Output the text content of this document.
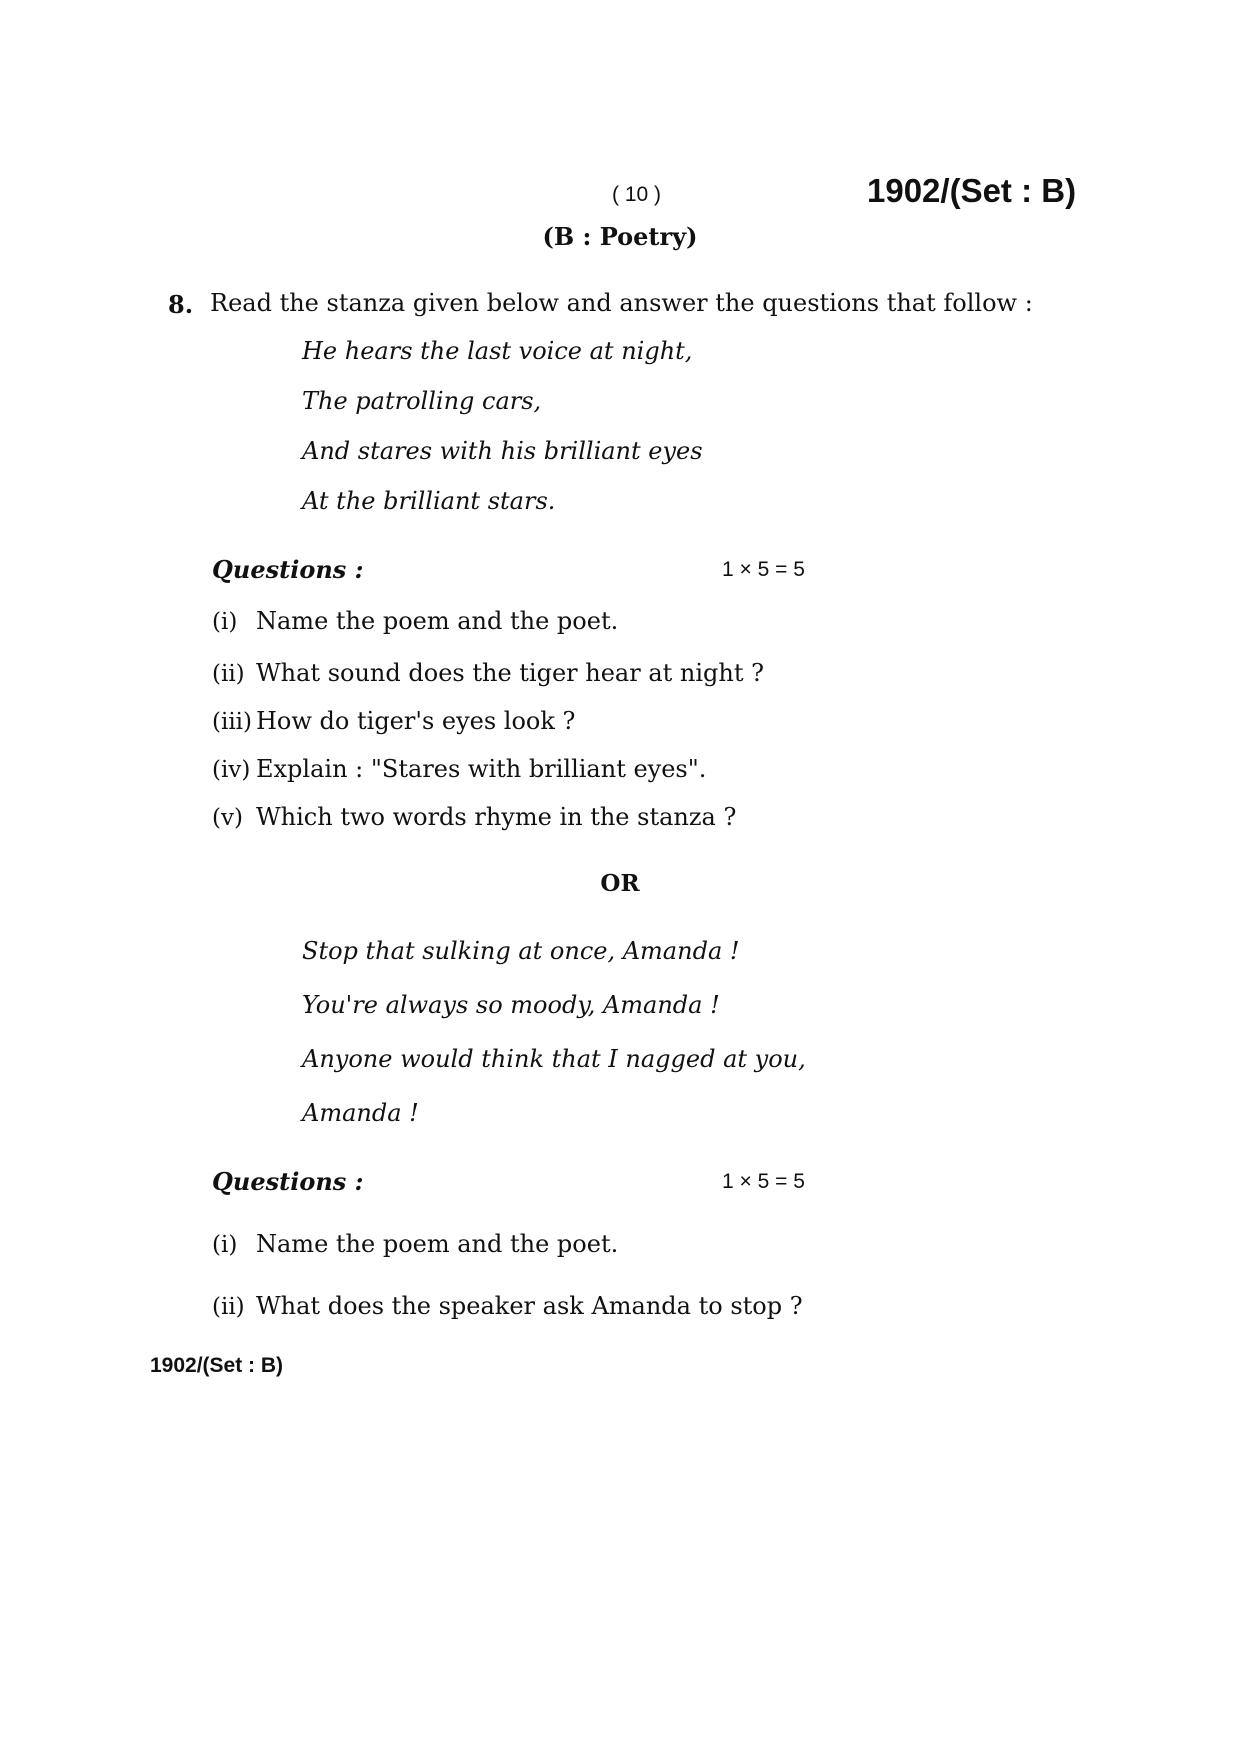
( 10 )	1902/(Set : B)
(B : Poetry)
8. Read the stanza given below and answer the questions that follow :
He hears the last voice at night,
The patrolling cars,
And stares with his brilliant eyes
At the brilliant stars.
Questions :	1 × 5 = 5
(i) Name the poem and the poet.
(ii) What sound does the tiger hear at night ?
(iii) How do tiger's eyes look ?
(iv) Explain : "Stares with brilliant eyes".
(v) Which two words rhyme in the stanza ?
OR
Stop that sulking at once, Amanda !
You're always so moody, Amanda !
Anyone would think that I nagged at you,
Amanda !
Questions :	1 × 5 = 5
(i) Name the poem and the poet.
(ii) What does the speaker ask Amanda to stop ?
1902/(Set : B)
